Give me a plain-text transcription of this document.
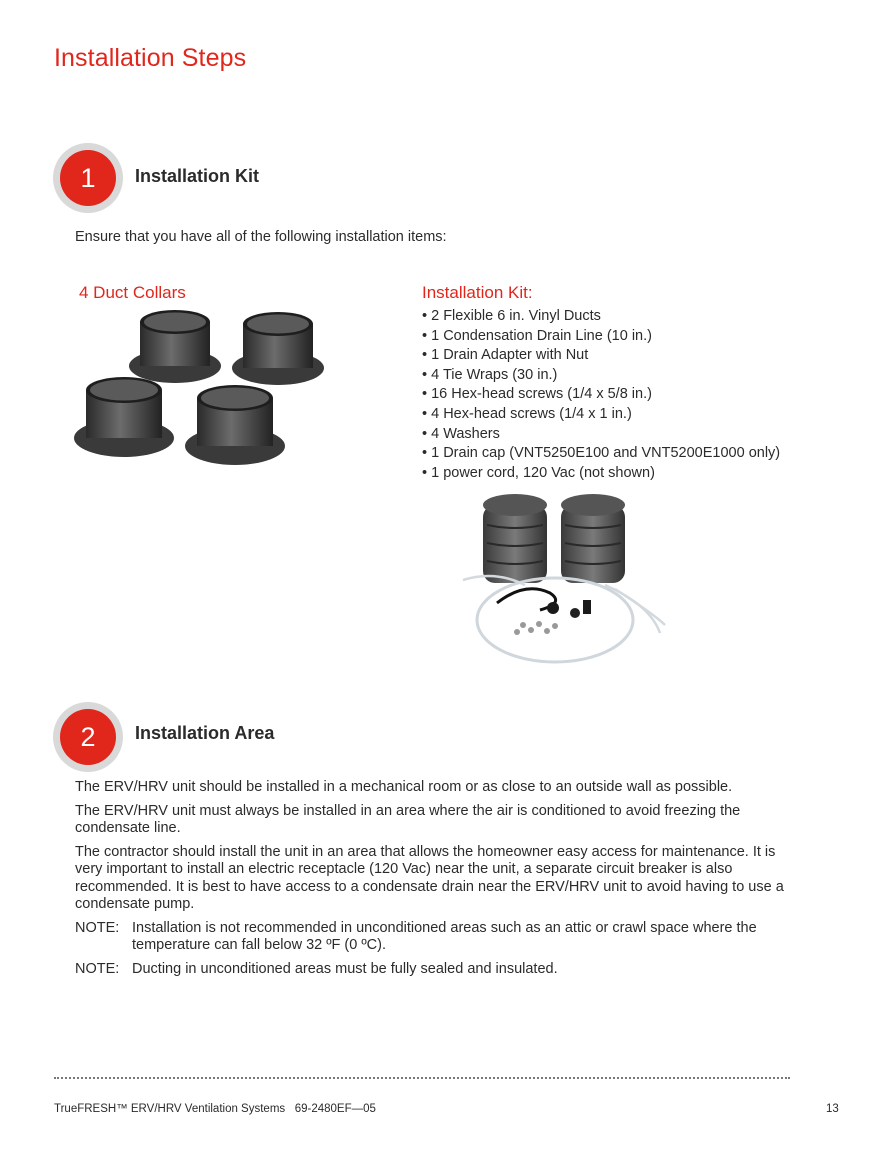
Installation Steps
1	Installation Kit
Ensure that you have all of the following installation items:
4 Duct Collars	Installation Kit:
• 2 Flexible 6 in. Vinyl Ducts
• 1 Condensation Drain Line (10 in.)
• 1 Drain Adapter with Nut
• 4 Tie Wraps (30 in.)
• 16 Hex-head screws (1/4 x 5/8 in.)
• 4 Hex-head screws (1/4 x 1 in.)
• 4 Washers
• 1 Drain cap (VNT5250E100 and VNT5200E1000 only)
• 1 power cord, 120 Vac (not shown)
2	Installation Area

The ERV/HRV unit should be installed in a mechanical room or as close to an outside wall as possible.

The ERV/HRV unit must always be installed in an area where the air is conditioned to avoid freezing the condensate line.

The contractor should install the unit in an area that allows the homeowner easy access for maintenance. It is very important to install an electric receptacle (120 Vac) near the unit, a separate circuit breaker is also recommended. It is best to have access to a condensate drain near the ERV/HRV unit to avoid having to use a condensate pump.

NOTE: Installation is not recommended in unconditioned areas such as an attic or crawl space where the temperature can fall below 32 ºF (0 ºC).
NOTE: Ducting in unconditioned areas must be fully sealed and insulated.
TrueFRESH™ ERV/HRV Ventilation Systems   69-2480EF—05	13
